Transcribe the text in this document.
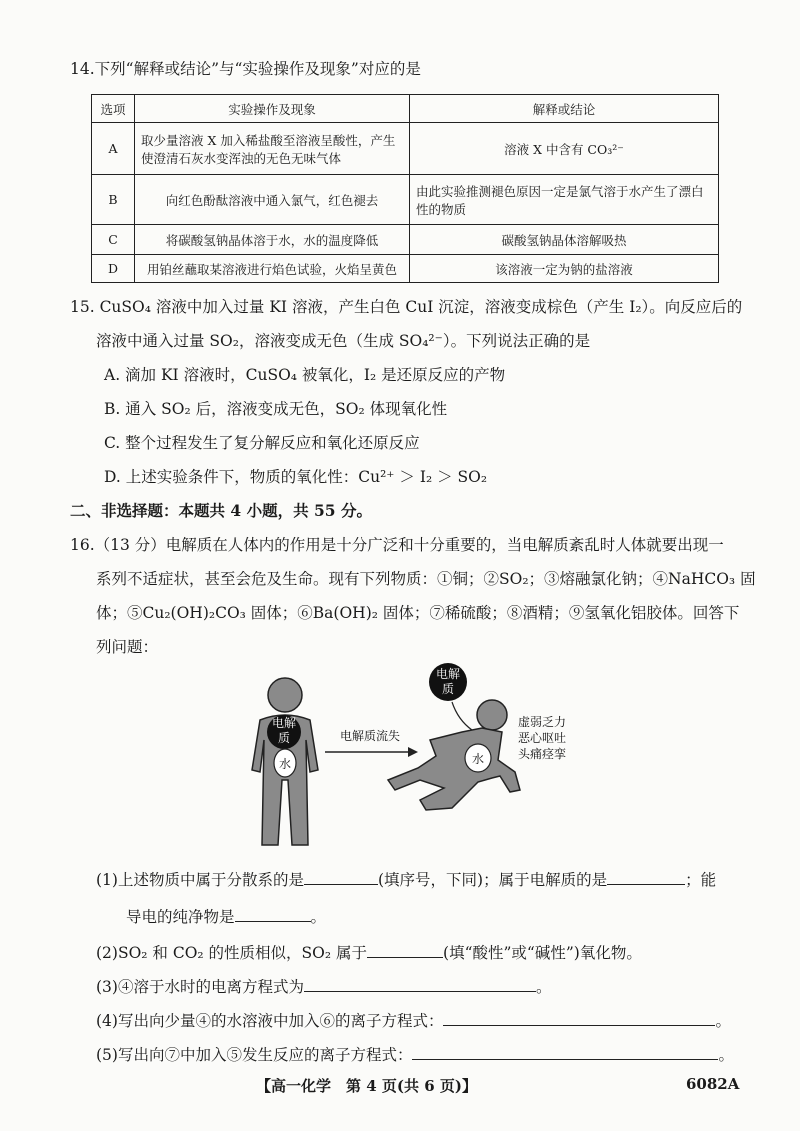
14.下列“解释或结论”与“实验操作及现象”对应的是
选项	实验操作及现象	解释或结论
A	取少量溶液 X 加入稀盐酸至溶液呈酸性，产生使澄清石灰水变浑浊的无色无味气体	溶液 X 中含有 CO₃²⁻
B	向红色酚酞溶液中通入氯气，红色褪去	由此实验推测褪色原因一定是氯气溶于水产生了漂白性的物质
C	将碳酸氢钠晶体溶于水，水的温度降低	碳酸氢钠晶体溶解吸热
D	用铂丝蘸取某溶液进行焰色试验，火焰呈黄色	该溶液一定为钠的盐溶液
15. CuSO₄ 溶液中加入过量 KI 溶液，产生白色 CuI 沉淀，溶液变成棕色（产生 I₂）。向反应后的
溶液中通入过量 SO₂，溶液变成无色（生成 SO₄²⁻）。下列说法正确的是
A. 滴加 KI 溶液时，CuSO₄ 被氧化，I₂ 是还原反应的产物
B. 通入 SO₂ 后，溶液变成无色，SO₂ 体现氧化性
C. 整个过程发生了复分解反应和氧化还原反应
D. 上述实验条件下，物质的氧化性：Cu²⁺ ＞ I₂ ＞ SO₂
二、非选择题：本题共 4 小题，共 55 分。
16.（13 分）电解质在人体内的作用是十分广泛和十分重要的，当电解质紊乱时人体就要出现一
系列不适症状，甚至会危及生命。现有下列物质：①铜；②SO₂；③熔融氯化钠；④NaHCO₃ 固
体；⑤Cu₂(OH)₂CO₃ 固体；⑥Ba(OH)₂ 固体；⑦稀硫酸；⑧酒精；⑨氢氧化铝胶体。回答下
列问题：
电解
质
水
电解质流失
电解
质
水
虚弱乏力
恶心呕吐
头痛痉挛
(1)上述物质中属于分散系的是	(填序号，下同)；属于电解质的是	；能
导电的纯净物是	。
(2)SO₂ 和 CO₂ 的性质相似，SO₂ 属于	(填“酸性”或“碱性”)氧化物。
(3)④溶于水时的电离方程式为	。
(4)写出向少量④的水溶液中加入⑥的离子方程式：	。
(5)写出向⑦中加入⑤发生反应的离子方程式：	。
【高一化学　第 4 页(共 6 页)】	6082A
